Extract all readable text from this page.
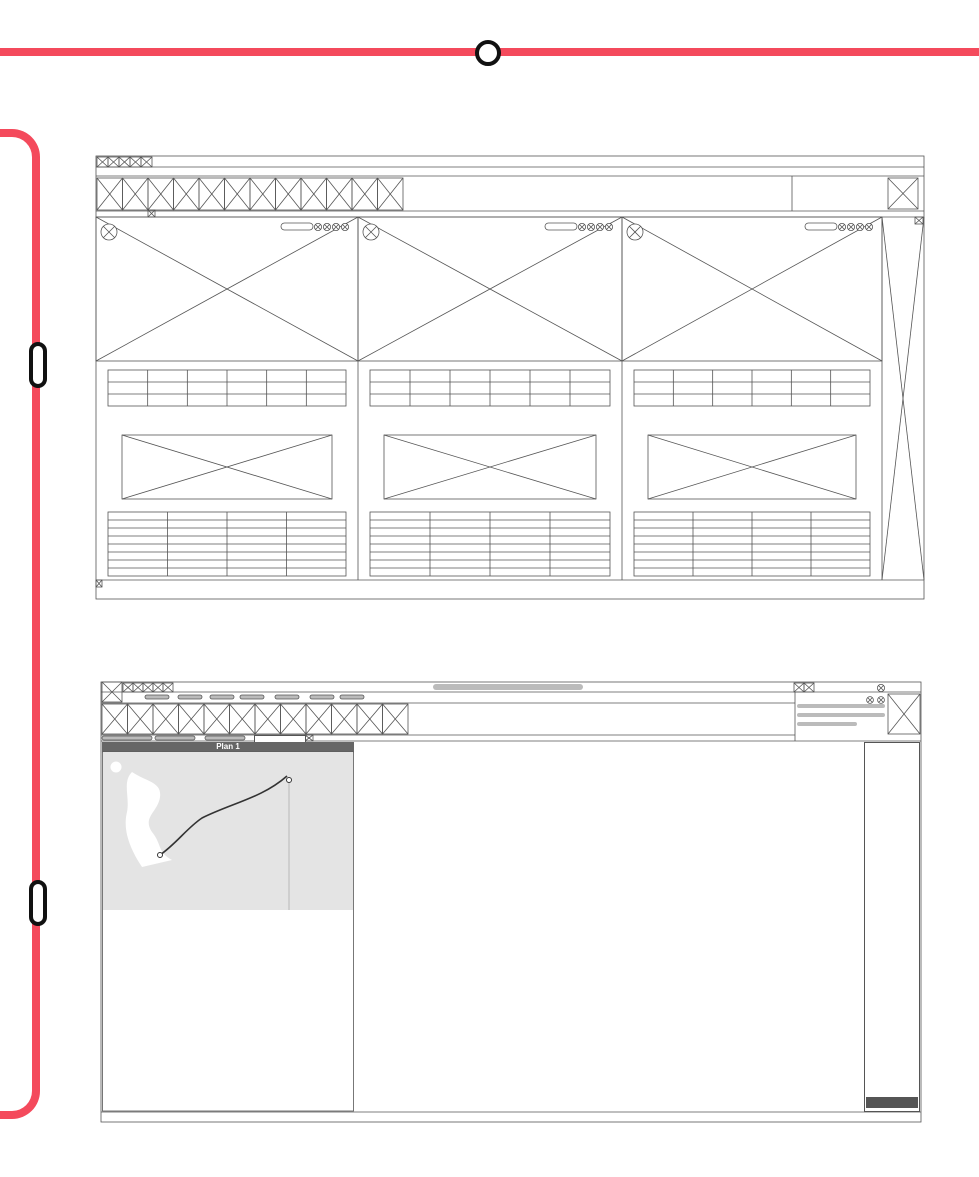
Plan 1
